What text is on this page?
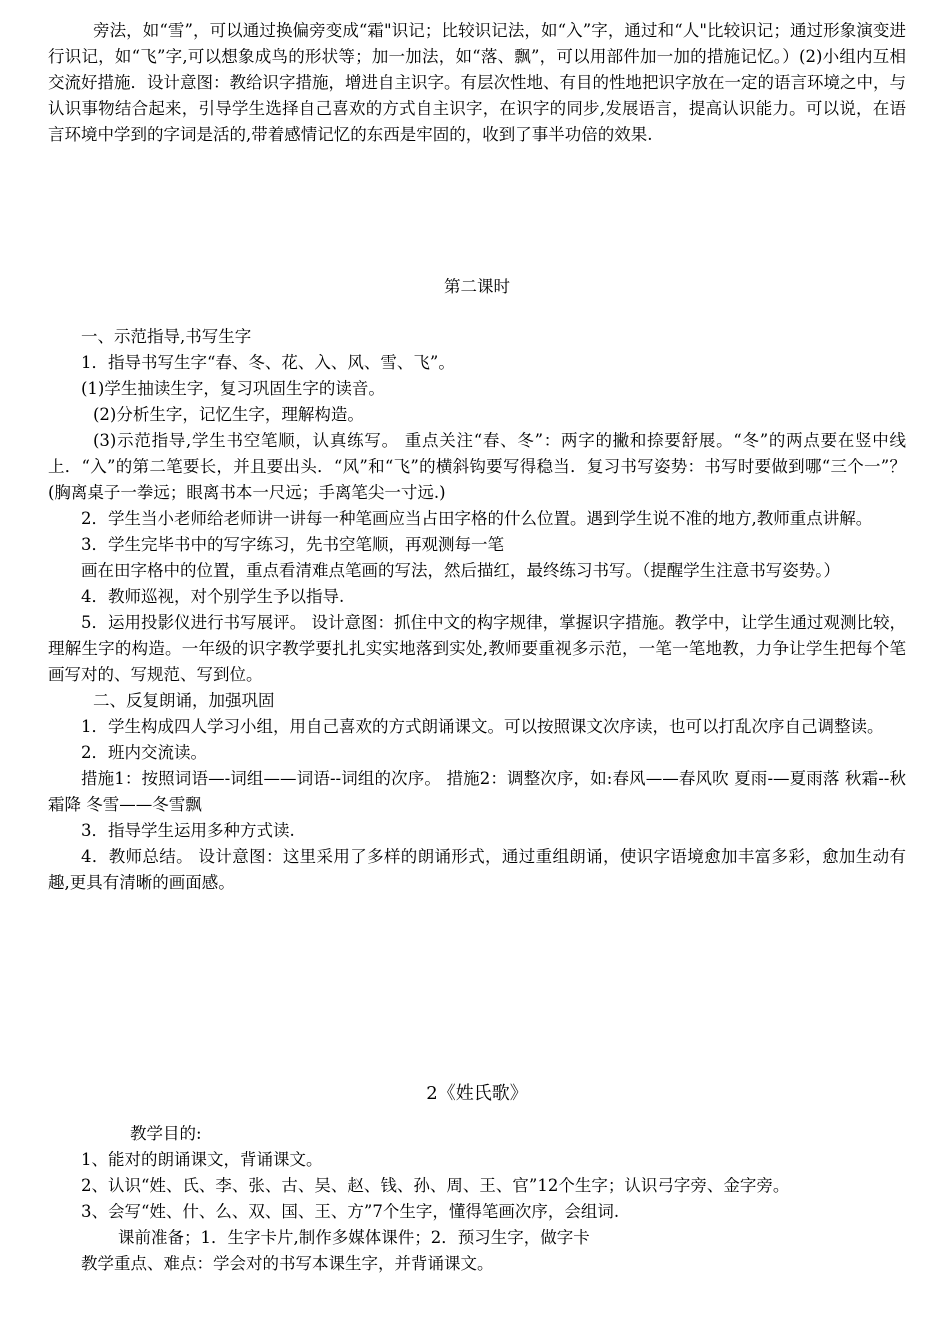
旁法，如“雪”，可以通过换偏旁变成“霜"识记；比较识记法，如“入”字，通过和“人"比较识记；通过形象演变进行识记，如“飞”字,可以想象成鸟的形状等；加一加法，如“落、飘”，可以用部件加一加的措施记忆。）(2)小组内互相交流好措施．设计意图：教给识字措施，增进自主识字。有层次性地、有目的性地把识字放在一定的语言环境之中，与认识事物结合起来，引导学生选择自己喜欢的方式自主识字，在识字的同步,发展语言，提高认识能力。可以说，在语言环境中学到的字词是活的,带着感情记忆的东西是牢固的，收到了事半功倍的效果.

第二课时

一、示范指导,书写生字

1．指导书写生字“春、冬、花、入、风、雪、飞”。

(1)学生抽读生字，复习巩固生字的读音。

(2)分析生字，记忆生字，理解构造。

(3)示范指导,学生书空笔顺，认真练写。 重点关注“春、冬”：两字的撇和捺要舒展。“冬”的两点要在竖中线上．“入”的第二笔要长，并且要出头．“风”和“飞”的横斜钩要写得稳当．复习书写姿势：书写时要做到哪“三个一”？(胸离桌子一拳远；眼离书本一尺远；手离笔尖一寸远.)

2．学生当小老师给老师讲一讲每一种笔画应当占田字格的什么位置。遇到学生说不准的地方,教师重点讲解。

3．学生完毕书中的写字练习，先书空笔顺，再观测每一笔

画在田字格中的位置，重点看清难点笔画的写法，然后描红，最终练习书写。（提醒学生注意书写姿势。）

4．教师巡视，对个别学生予以指导.

5．运用投影仪进行书写展评。 设计意图：抓住中文的构字规律，掌握识字措施。教学中，让学生通过观测比较，理解生字的构造。一年级的识字教学要扎扎实实地落到实处,教师要重视多示范，一笔一笔地教，力争让学生把每个笔画写对的、写规范、写到位。

二、反复朗诵，加强巩固

1．学生构成四人学习小组，用自己喜欢的方式朗诵课文。可以按照课文次序读，也可以打乱次序自己调整读。

2．班内交流读。

措施1：按照词语—-词组——词语--词组的次序。 措施2：调整次序，如:春风——春风吹 夏雨-—夏雨落 秋霜--秋霜降 冬雪——冬雪飘

3．指导学生运用多种方式读.

4．教师总结。 设计意图：这里采用了多样的朗诵形式，通过重组朗诵，使识字语境愈加丰富多彩，愈加生动有趣,更具有清晰的画面感。

2《姓氏歌》

教学目的:

1、能对的朗诵课文，背诵课文。

2、认识“姓、氏、李、张、古、吴、赵、钱、孙、周、王、官”12个生字；认识弓字旁、金字旁。

3、会写“姓、什、么、双、国、王、方”7个生字，懂得笔画次序，会组词.

课前准备；1．生字卡片,制作多媒体课件；2．预习生字，做字卡

教学重点、难点：学会对的书写本课生字，并背诵课文。
